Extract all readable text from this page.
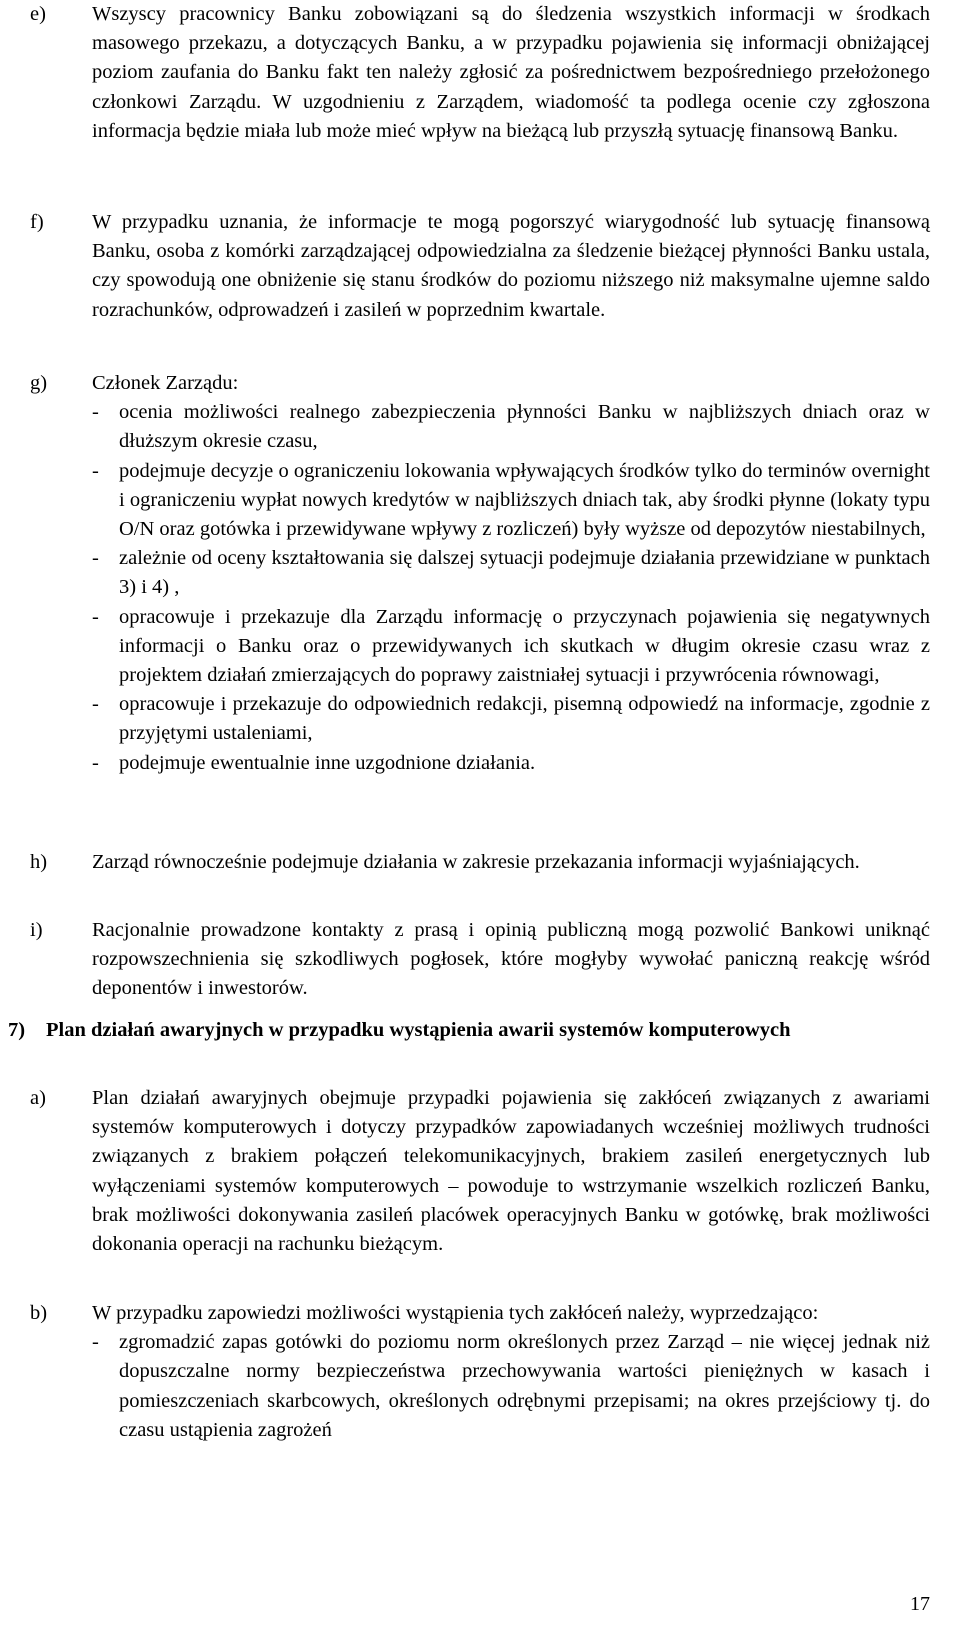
e) Wszyscy pracownicy Banku zobowiązani są do śledzenia wszystkich informacji w środkach masowego przekazu, a dotyczących Banku, a w przypadku pojawienia się informacji obniżającej poziom zaufania do Banku fakt ten należy zgłosić za pośrednictwem bezpośredniego przełożonego członkowi Zarządu. W uzgodnieniu z Zarządem, wiadomość ta podlega ocenie czy zgłoszona informacja będzie miała lub może mieć wpływ na bieżącą lub przyszłą sytuację finansową Banku.
f) W przypadku uznania, że informacje te mogą pogorszyć wiarygodność lub sytuację finansową Banku, osoba z komórki zarządzającej odpowiedzialna za śledzenie bieżącej płynności Banku ustala, czy spowodują one obniżenie się stanu środków do poziomu niższego niż maksymalne ujemne saldo rozrachunków, odprowadzeń i zasileń w poprzednim kwartale.
g) Członek Zarządu:
- ocenia możliwości realnego zabezpieczenia płynności Banku w najbliższych dniach oraz w dłuższym okresie czasu,
- podejmuje decyzje o ograniczeniu lokowania wpływających środków tylko do terminów overnight i ograniczeniu wypłat nowych kredytów w najbliższych dniach tak, aby środki płynne (lokaty typu O/N oraz gotówka i przewidywane wpływy z rozliczeń) były wyższe od depozytów niestabilnych,
- zależnie od oceny kształtowania się dalszej sytuacji podejmuje działania przewidziane w punktach 3) i 4) ,
- opracowuje i przekazuje dla Zarządu informację o przyczynach pojawienia się negatywnych informacji o Banku oraz o przewidywanych ich skutkach w długim okresie czasu wraz z projektem działań zmierzających do poprawy zaistniałej sytuacji i przywrócenia równowagi,
- opracowuje i przekazuje do odpowiednich redakcji, pisemną odpowiedź na informacje, zgodnie z przyjętymi ustaleniami,
- podejmuje ewentualnie inne uzgodnione działania.
h) Zarząd równocześnie podejmuje działania w zakresie przekazania informacji wyjaśniających.
i) Racjonalnie prowadzone kontakty z prasą i opinią publiczną mogą pozwolić Bankowi uniknąć rozpowszechnienia się szkodliwych pogłosek, które mogłyby wywołać paniczną reakcję wśród deponentów i inwestorów.
7) Plan działań awaryjnych w przypadku wystąpienia awarii systemów komputerowych
a) Plan działań awaryjnych obejmuje przypadki pojawienia się zakłóceń związanych z awariami systemów komputerowych i dotyczy przypadków zapowiadanych wcześniej możliwych trudności związanych z brakiem połączeń telekomunikacyjnych, brakiem zasileń energetycznych lub wyłączeniami systemów komputerowych – powoduje to wstrzymanie wszelkich rozliczeń Banku, brak możliwości dokonywania zasileń placówek operacyjnych Banku w gotówkę, brak możliwości dokonania operacji na rachunku bieżącym.
b) W przypadku zapowiedzi możliwości wystąpienia tych zakłóceń należy, wyprzedzająco:
- zgromadzić zapas gotówki do poziomu norm określonych przez Zarząd – nie więcej jednak niż dopuszczalne normy bezpieczeństwa przechowywania wartości pieniężnych w kasach i pomieszczeniach skarbcowych, określonych odrębnymi przepisami; na okres przejściowy tj. do czasu ustąpienia zagrożeń
17
